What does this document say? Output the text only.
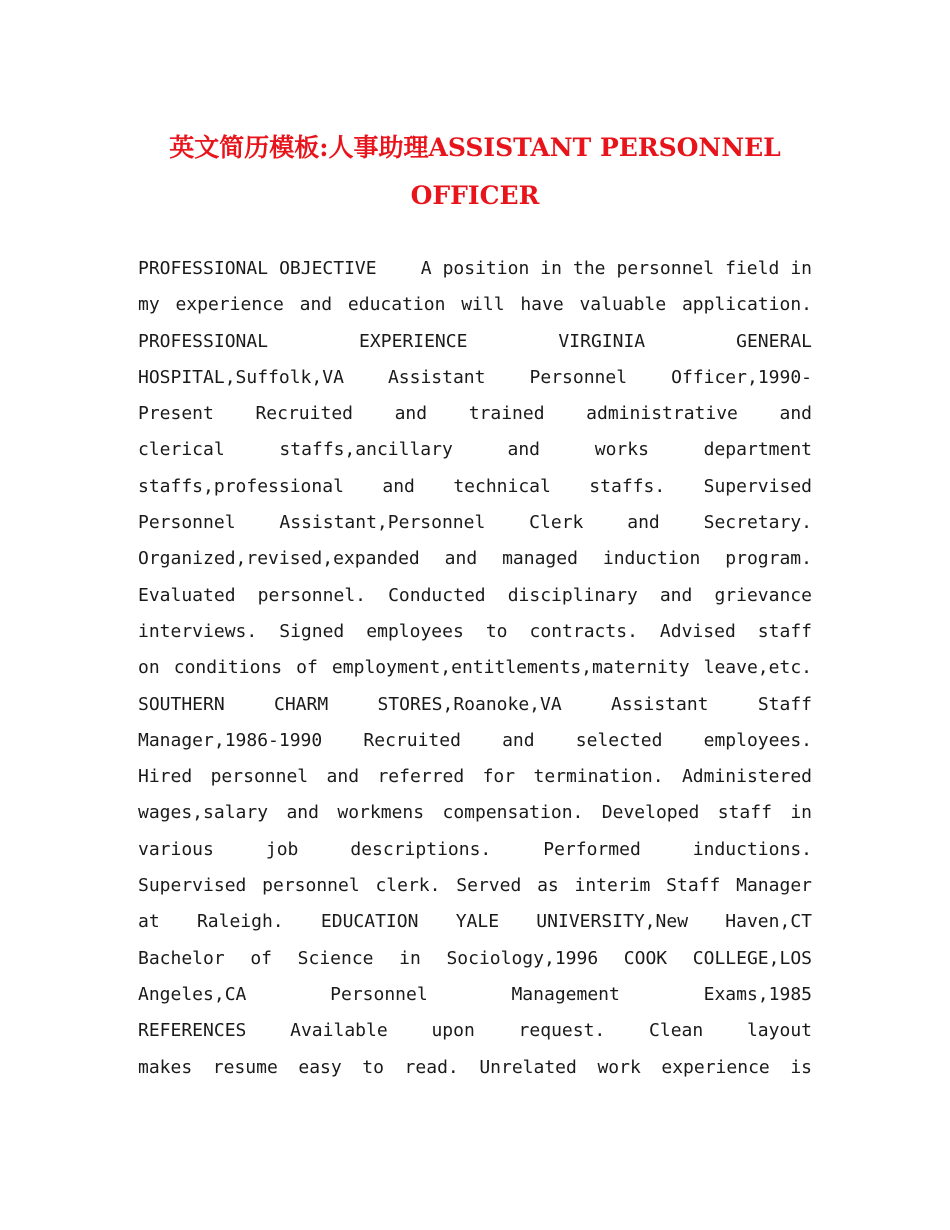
英文简历模板:人事助理ASSISTANT PERSONNEL
OFFICER
PROFESSIONAL OBJECTIVE    A position in the personnel field in
my experience and education will have valuable application.
PROFESSIONAL EXPERIENCE VIRGINIA GENERAL
HOSPITAL,Suffolk,VA Assistant Personnel Officer,1990-
Present Recruited and trained administrative and
clerical staffs,ancillary and works department
staffs,professional and technical staffs. Supervised
Personnel Assistant,Personnel Clerk and Secretary.
Organized,revised,expanded and managed induction program.
Evaluated personnel. Conducted disciplinary and grievance
interviews. Signed employees to contracts. Advised staff
on conditions of employment,entitlements,maternity leave,etc.
SOUTHERN CHARM STORES,Roanoke,VA Assistant Staff
Manager,1986-1990 Recruited and selected employees.
Hired personnel and referred for termination. Administered
wages,salary and workmens compensation. Developed staff in
various job descriptions. Performed inductions.
Supervised personnel clerk. Served as interim Staff Manager
at Raleigh. EDUCATION YALE UNIVERSITY,New Haven,CT
Bachelor of Science in Sociology,1996 COOK COLLEGE,LOS
Angeles,CA Personnel Management Exams,1985
REFERENCES Available upon request. Clean layout
makes resume easy to read. Unrelated work experience is
